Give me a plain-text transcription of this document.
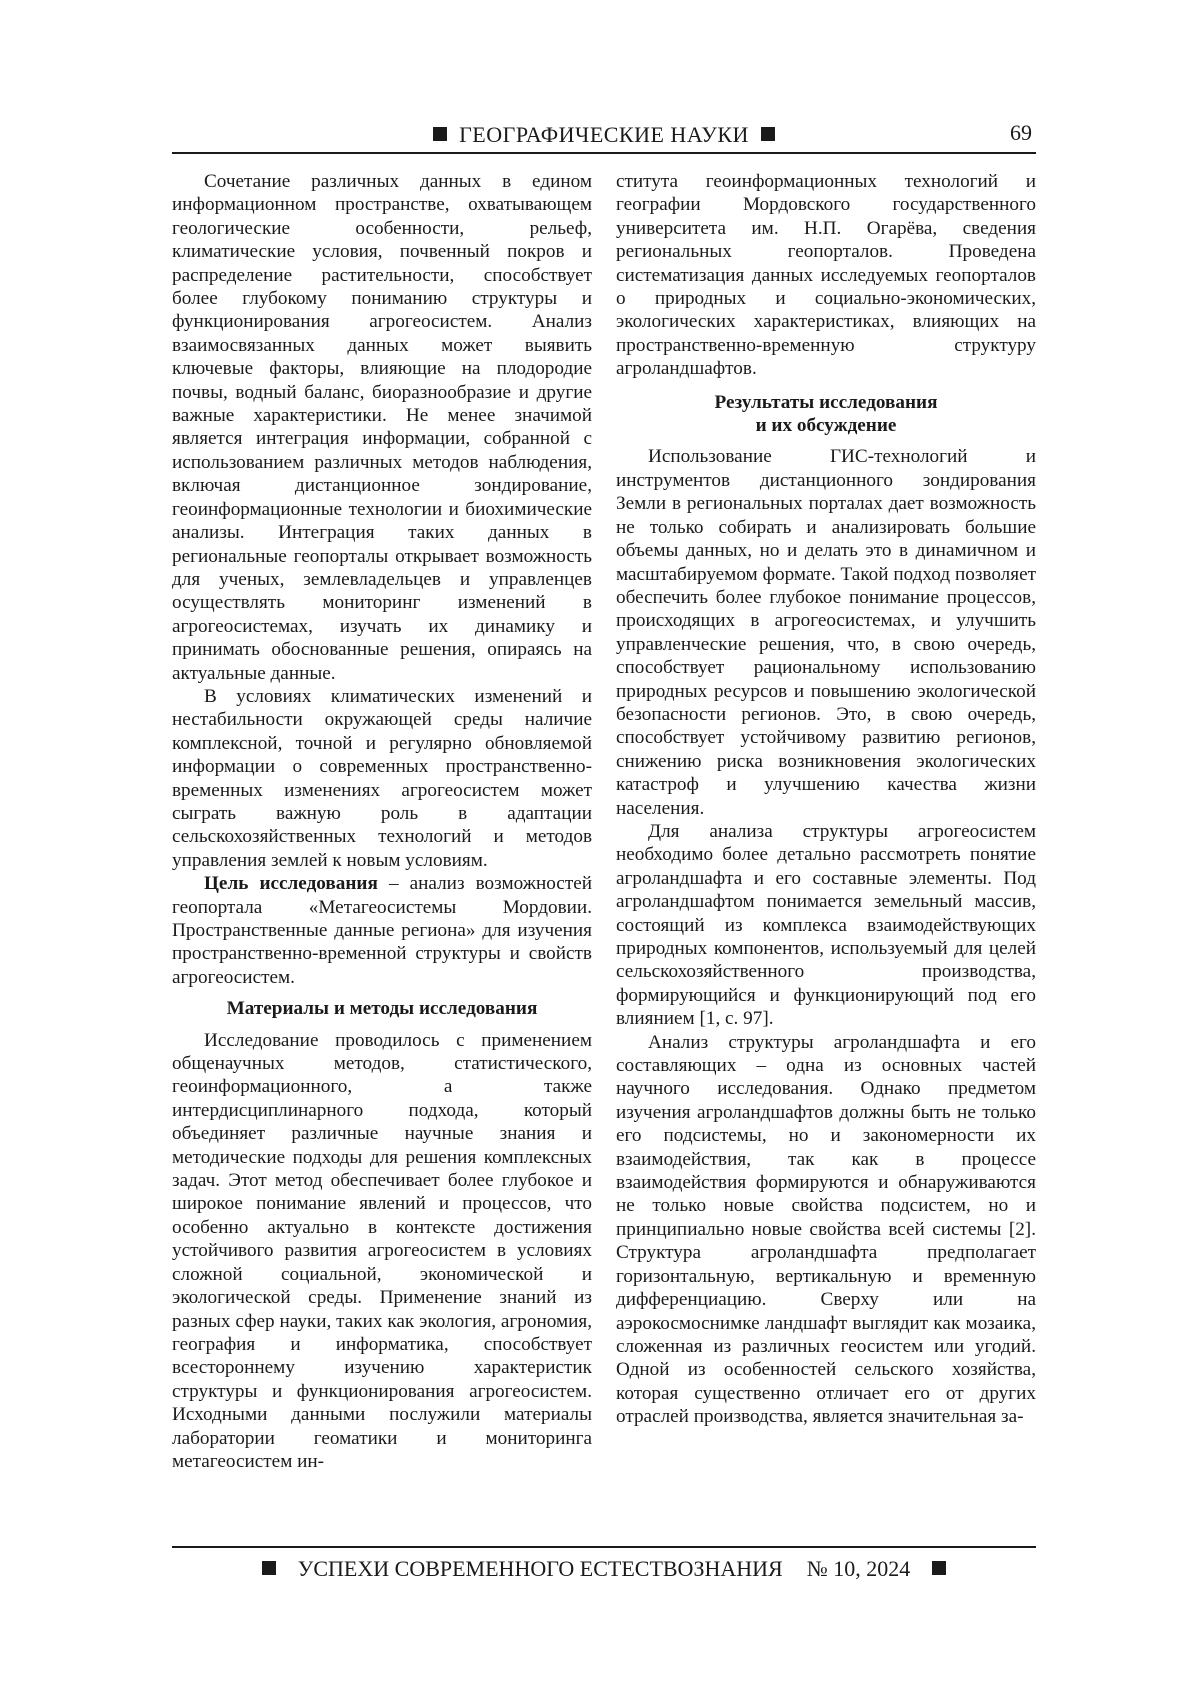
ГЕОГРАФИЧЕСКИЕ НАУКИ	69

Сочетание различных данных в едином информационном пространстве, охватывающем геологические особенности, рельеф, климатические условия, почвенный покров и распределение растительности, способствует более глубокому пониманию структуры и функционирования агрогеосистем. Анализ взаимосвязанных данных может выявить ключевые факторы, влияющие на плодородие почвы, водный баланс, биоразнообразие и другие важные характеристики. Не менее значимой является интеграция информации, собранной с использованием различных методов наблюдения, включая дистанционное зондирование, геоинформационные технологии и биохимические анализы. Интеграция таких данных в региональные геопорталы открывает возможность для ученых, землевладельцев и управленцев осуществлять мониторинг изменений в агрогеосистемах, изучать их динамику и принимать обоснованные решения, опираясь на актуальные данные.

В условиях климатических изменений и нестабильности окружающей среды наличие комплексной, точной и регулярно обновляемой информации о современных пространственно-временных изменениях агрогеосистем может сыграть важную роль в адаптации сельскохозяйственных технологий и методов управления землей к новым условиям.

Цель исследования – анализ возможностей геопортала «Метагеосистемы Мордовии. Пространственные данные региона» для изучения пространственно-временной структуры и свойств агрогеосистем.

Материалы и методы исследования

Исследование проводилось с применением общенаучных методов, статистического, геоинформационного, а также интердисциплинарного подхода, который объединяет различные научные знания и методические подходы для решения комплексных задач. Этот метод обеспечивает более глубокое и широкое понимание явлений и процессов, что особенно актуально в контексте достижения устойчивого развития агрогеосистем в условиях сложной социальной, экономической и экологической среды. Применение знаний из разных сфер науки, таких как экология, агрономия, география и информатика, способствует всестороннему изучению характеристик структуры и функционирования агрогеосистем. Исходными данными послужили материалы лаборатории геоматики и мониторинга метагеосистем ин-

ститута геоинформационных технологий и географии Мордовского государственного университета им. Н.П. Огарёва, сведения региональных геопорталов. Проведена систематизация данных исследуемых геопорталов о природных и социально-экономических, экологических характеристиках, влияющих на пространственно-временную структуру агроландшафтов.

Результаты исследования
и их обсуждение

Использование ГИС-технологий и инструментов дистанционного зондирования Земли в региональных порталах дает возможность не только собирать и анализировать большие объемы данных, но и делать это в динамичном и масштабируемом формате. Такой подход позволяет обеспечить более глубокое понимание процессов, происходящих в агрогеосистемах, и улучшить управленческие решения, что, в свою очередь, способствует рациональному использованию природных ресурсов и повышению экологической безопасности регионов. Это, в свою очередь, способствует устойчивому развитию регионов, снижению риска возникновения экологических катастроф и улучшению качества жизни населения.

Для анализа структуры агрогеосистем необходимо более детально рассмотреть понятие агроландшафта и его составные элементы. Под агроландшафтом понимается земельный массив, состоящий из комплекса взаимодействующих природных компонентов, используемый для целей сельскохозяйственного производства, формирующийся и функционирующий под его влиянием [1, с. 97].

Анализ структуры агроландшафта и его составляющих – одна из основных частей научного исследования. Однако предметом изучения агроландшафтов должны быть не только его подсистемы, но и закономерности их взаимодействия, так как в процессе взаимодействия формируются и обнаруживаются не только новые свойства подсистем, но и принципиально новые свойства всей системы [2]. Структура агроландшафта предполагает горизонтальную, вертикальную и временную дифференциацию. Сверху или на аэрокосмоснимке ландшафт выглядит как мозаика, сложенная из различных геосистем или угодий. Одной из особенностей сельского хозяйства, которая существенно отличает его от других отраслей производства, является значительная за-

УСПЕХИ СОВРЕМЕННОГО ЕСТЕСТВОЗНАНИЯ № 10, 2024
